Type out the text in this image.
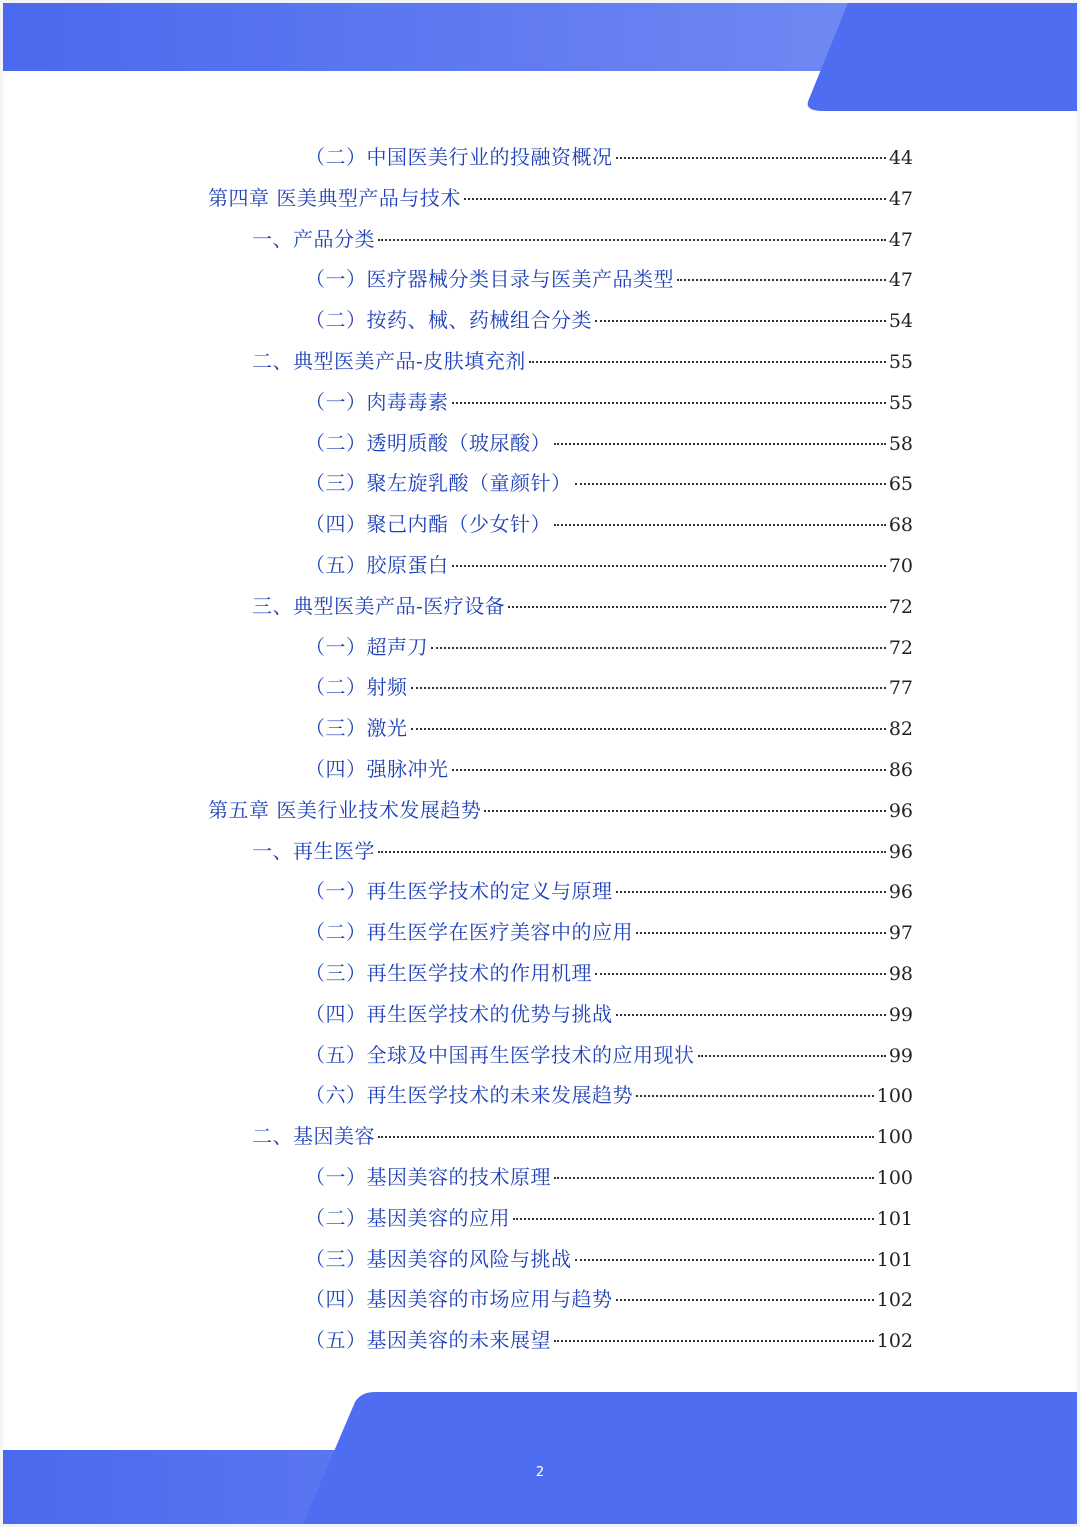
（二）中国医美行业的投融资概况	44
第四章 医美典型产品与技术	47
一、产品分类	47
（一）医疗器械分类目录与医美产品类型	47
（二）按药、械、药械组合分类	54
二、典型医美产品-皮肤填充剂	55
（一）肉毒毒素	55
（二）透明质酸（玻尿酸）	58
（三）聚左旋乳酸（童颜针）	65
（四）聚己内酯（少女针）	68
（五）胶原蛋白	70
三、典型医美产品-医疗设备	72
（一）超声刀	72
（二）射频	77
（三）激光	82
（四）强脉冲光	86
第五章 医美行业技术发展趋势	96
一、再生医学	96
（一）再生医学技术的定义与原理	96
（二）再生医学在医疗美容中的应用	97
（三）再生医学技术的作用机理	98
（四）再生医学技术的优势与挑战	99
（五）全球及中国再生医学技术的应用现状	99
（六）再生医学技术的未来发展趋势	100
二、基因美容	100
（一）基因美容的技术原理	100
（二）基因美容的应用	101
（三）基因美容的风险与挑战	101
（四）基因美容的市场应用与趋势	102
（五）基因美容的未来展望	102
2
